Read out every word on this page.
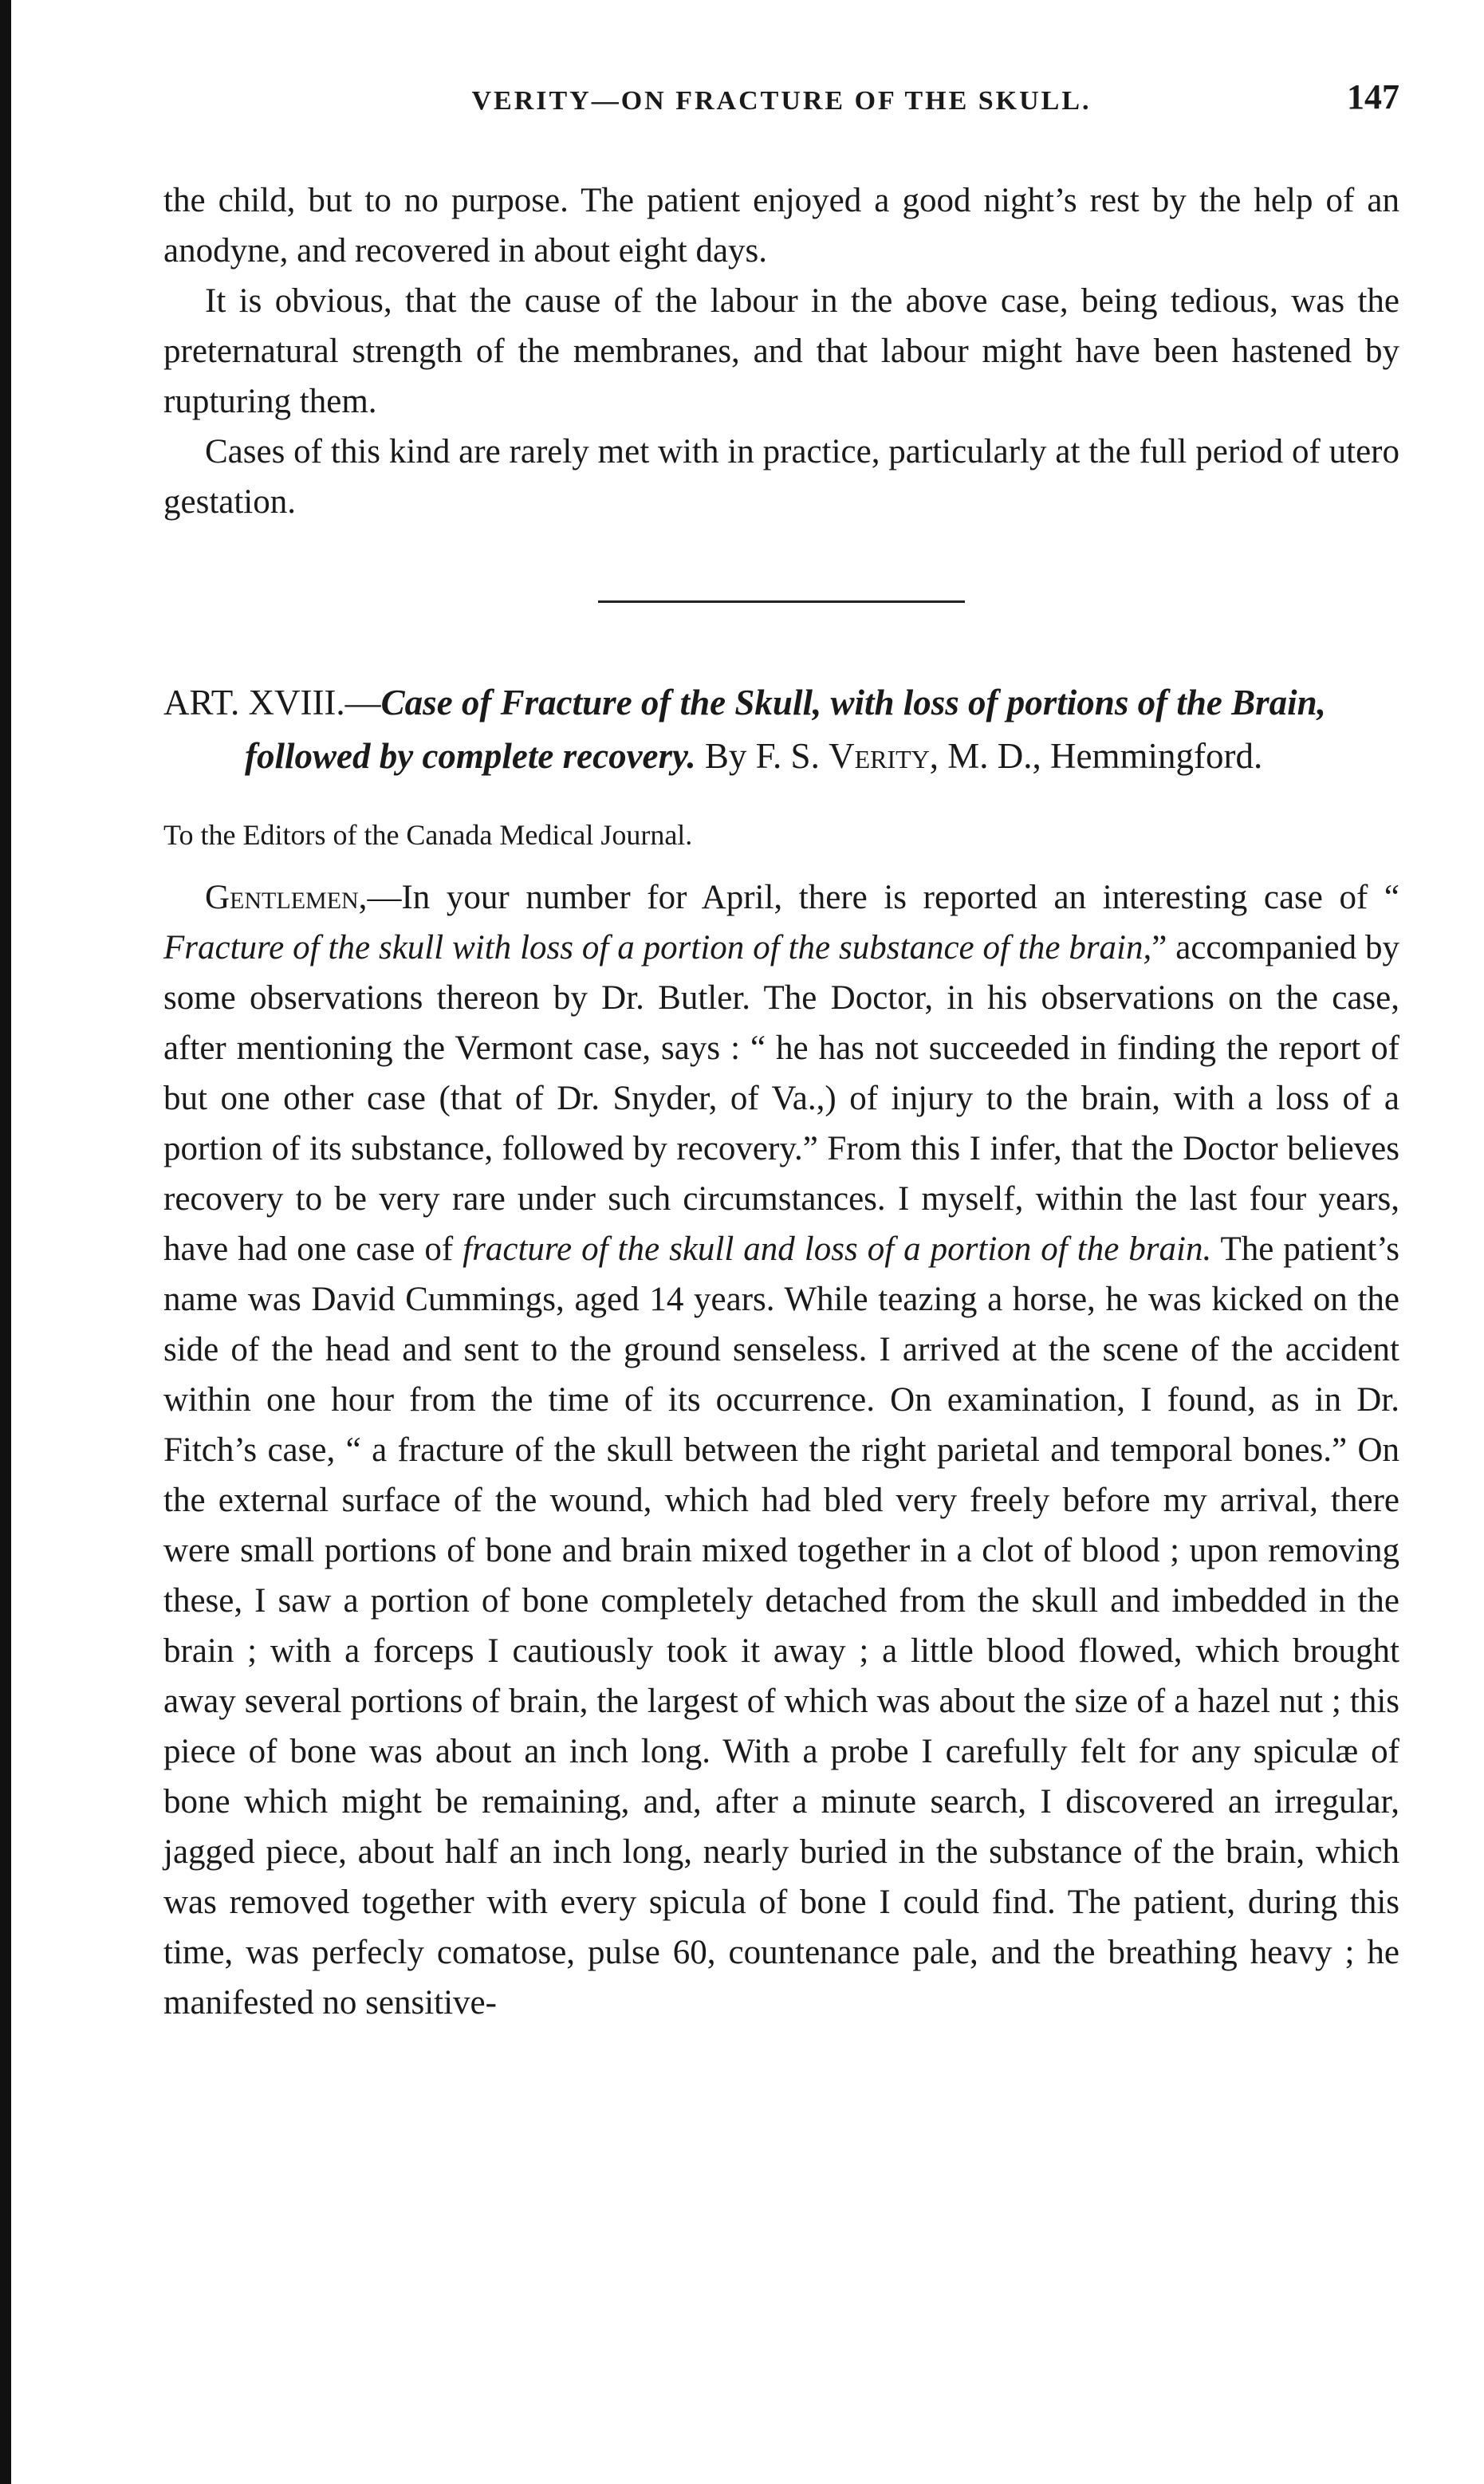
VERITY—ON FRACTURE OF THE SKULL.	147

the child, but to no purpose. The patient enjoyed a good night’s rest by the help of an anodyne, and recovered in about eight days.

It is obvious, that the cause of the labour in the above case, being tedious, was the preternatural strength of the membranes, and that labour might have been hastened by rupturing them.

Cases of this kind are rarely met with in practice, particularly at the full period of utero gestation.

ART. XVIII.—Case of Fracture of the Skull, with loss of portions of the Brain, followed by complete recovery. By F. S. Verity, M. D., Hemmingford.

To the Editors of the Canada Medical Journal.

Gentlemen,—In your number for April, there is reported an interesting case of “ Fracture of the skull with loss of a portion of the substance of the brain,” accompanied by some observations thereon by Dr. Butler. The Doctor, in his observations on the case, after mentioning the Vermont case, says : “ he has not succeeded in finding the report of but one other case (that of Dr. Snyder, of Va.,) of injury to the brain, with a loss of a portion of its substance, followed by recovery.” From this I infer, that the Doctor believes recovery to be very rare under such circumstances. I myself, within the last four years, have had one case of fracture of the skull and loss of a portion of the brain. The patient’s name was David Cummings, aged 14 years. While teazing a horse, he was kicked on the side of the head and sent to the ground senseless. I arrived at the scene of the accident within one hour from the time of its occurrence. On examination, I found, as in Dr. Fitch’s case, “ a fracture of the skull between the right parietal and temporal bones.” On the external surface of the wound, which had bled very freely before my arrival, there were small portions of bone and brain mixed together in a clot of blood ; upon removing these, I saw a portion of bone completely detached from the skull and imbedded in the brain ; with a forceps I cautiously took it away ; a little blood flowed, which brought away several portions of brain, the largest of which was about the size of a hazel nut ; this piece of bone was about an inch long. With a probe I carefully felt for any spiculæ of bone which might be remaining, and, after a minute search, I discovered an irregular, jagged piece, about half an inch long, nearly buried in the substance of the brain, which was removed together with every spicula of bone I could find. The patient, during this time, was perfecly comatose, pulse 60, countenance pale, and the breathing heavy ; he manifested no sensitive-
